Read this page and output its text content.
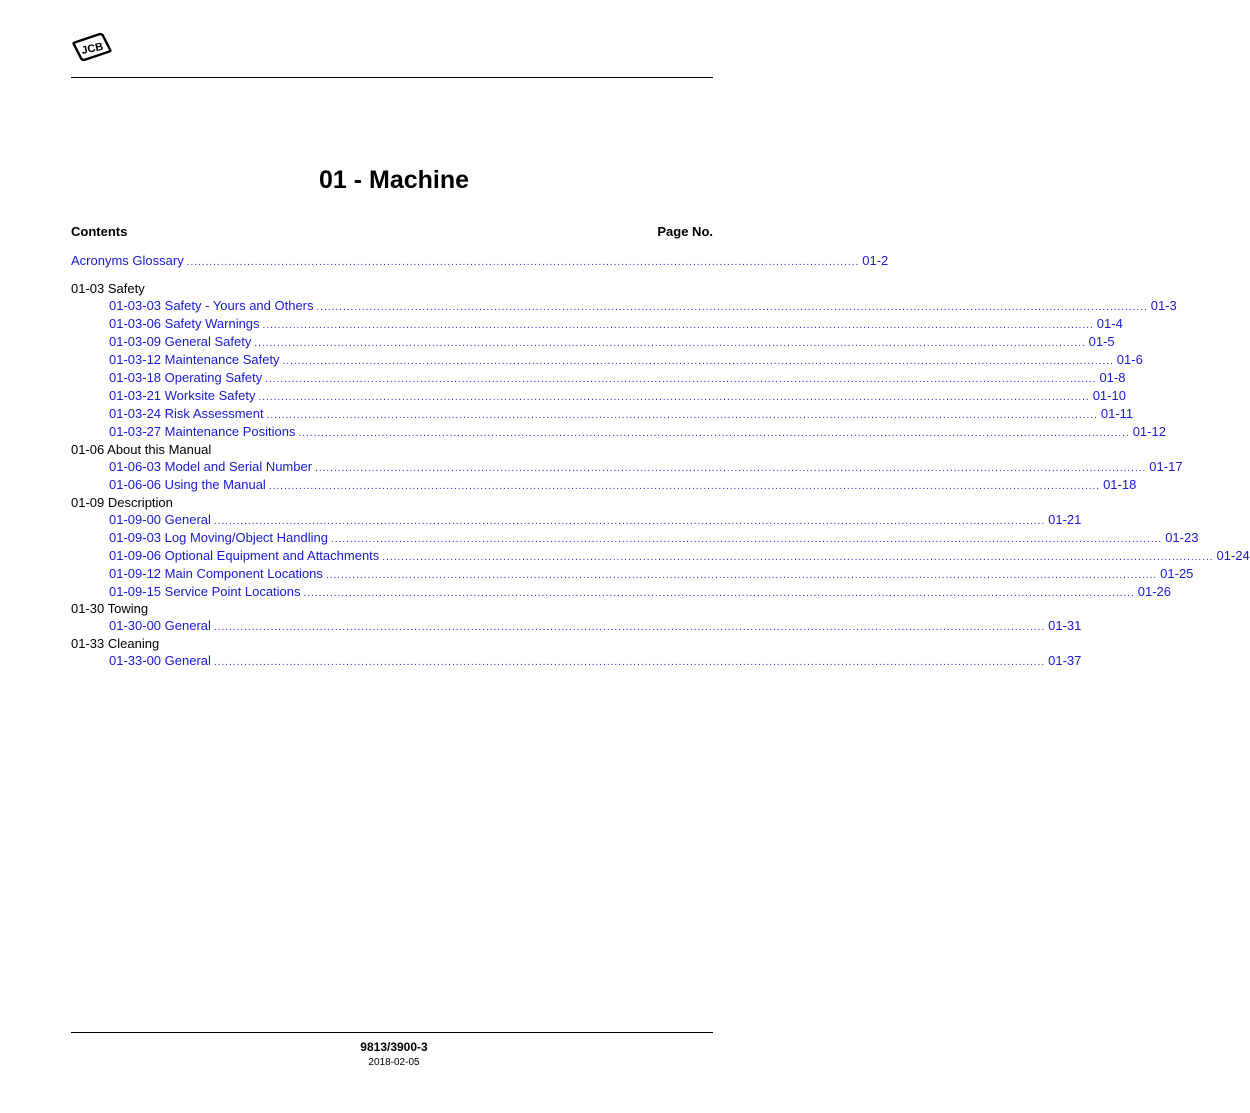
JCB
01 - Machine
Contents	Page No.
Acronyms Glossary .................................................................................................................................................................................. 01-2
01-03 Safety
01-03-03 Safety - Yours and Others ............................................................................................................................................................................................................................ 01-3
01-03-06 Safety Warnings ............................................................................................................................................................................................................................ 01-4
01-03-09 General Safety ............................................................................................................................................................................................................................ 01-5
01-03-12 Maintenance Safety ............................................................................................................................................................................................................................ 01-6
01-03-18 Operating Safety ............................................................................................................................................................................................................................ 01-8
01-03-21 Worksite Safety ............................................................................................................................................................................................................................ 01-10
01-03-24 Risk Assessment ............................................................................................................................................................................................................................ 01-11
01-03-27 Maintenance Positions ............................................................................................................................................................................................................................ 01-12
01-06 About this Manual
01-06-03 Model and Serial Number ............................................................................................................................................................................................................................ 01-17
01-06-06 Using the Manual ............................................................................................................................................................................................................................ 01-18
01-09 Description
01-09-00 General ............................................................................................................................................................................................................................ 01-21
01-09-03 Log Moving/Object Handling ............................................................................................................................................................................................................................ 01-23
01-09-06 Optional Equipment and Attachments ............................................................................................................................................................................................................................ 01-24
01-09-12 Main Component Locations ............................................................................................................................................................................................................................ 01-25
01-09-15 Service Point Locations ............................................................................................................................................................................................................................ 01-26
01-30 Towing
01-30-00 General ............................................................................................................................................................................................................................ 01-31
01-33 Cleaning
01-33-00 General ............................................................................................................................................................................................................................ 01-37
9813/3900-3
2018-02-05
